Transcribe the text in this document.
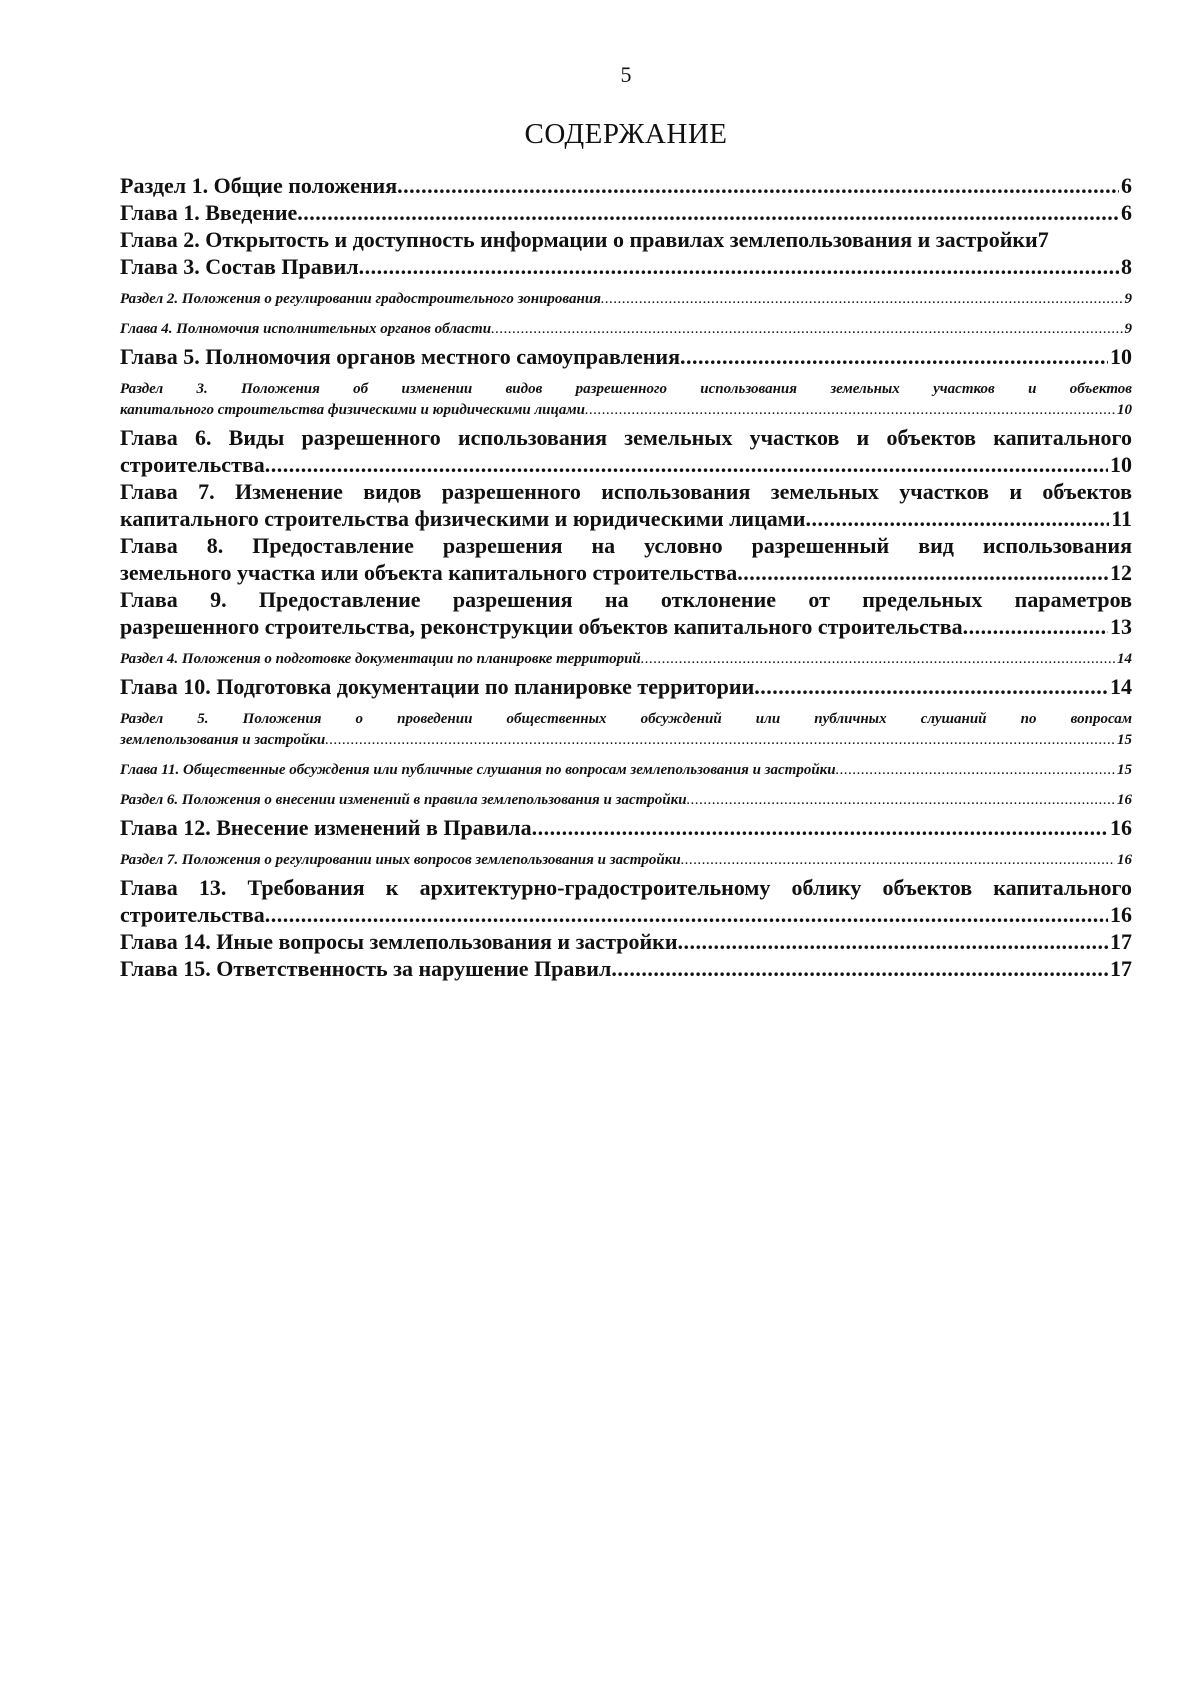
5
СОДЕРЖАНИЕ
Раздел 1. Общие положения .....	6
Глава 1. Введение .....	6
Глава 2. Открытость и доступность информации о правилах землепользования и застройки 7
Глава 3. Состав Правил .....	8
Раздел 2. Положения о регулировании градостроительного зонирования .....	9
Глава 4. Полномочия исполнительных органов области .....	9
Глава 5. Полномочия органов местного самоуправления .....	10
Раздел 3. Положения об изменении видов разрешенного использования земельных участков и объектов
капитального строительства физическими и юридическими лицами .....	10
Глава 6. Виды разрешенного использования земельных участков и объектов капитального
строительства .....	10
Глава 7. Изменение видов разрешенного использования земельных участков и объектов
капитального строительства физическими и юридическими лицами .....	11
Глава 8. Предоставление разрешения на условно разрешенный вид использования
земельного участка или объекта капитального строительства .....	12
Глава 9. Предоставление разрешения на отклонение от предельных параметров
разрешенного строительства, реконструкции объектов капитального строительства .....	13
Раздел 4. Положения о подготовке документации по планировке территорий .....	14
Глава 10. Подготовка документации по планировке территории .....	14
Раздел 5. Положения о проведении общественных обсуждений или публичных слушаний по вопросам
землепользования и застройки .....	15
Глава 11. Общественные обсуждения или публичные слушания по вопросам землепользования и застройки .....	15
Раздел 6. Положения о внесении изменений в правила землепользования и застройки .....	16
Глава 12. Внесение изменений в Правила .....	16
Раздел 7. Положения о регулировании иных вопросов землепользования и застройки .....	16
Глава 13. Требования к архитектурно-градостроительному облику объектов капитального
строительства .....	16
Глава 14. Иные вопросы землепользования и застройки .....	17
Глава 15. Ответственность за нарушение Правил .....	17
